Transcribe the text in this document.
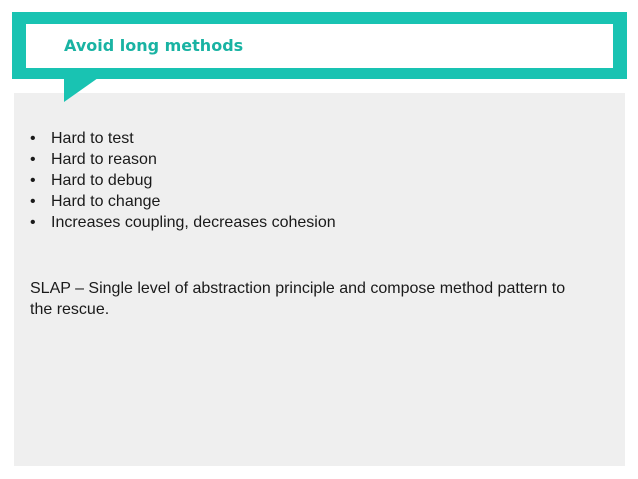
Avoid long methods
• Hard to test
• Hard to reason
• Hard to debug
• Hard to change
• Increases coupling, decreases cohesion

SLAP – Single level of abstraction principle and compose method pattern to the rescue.
